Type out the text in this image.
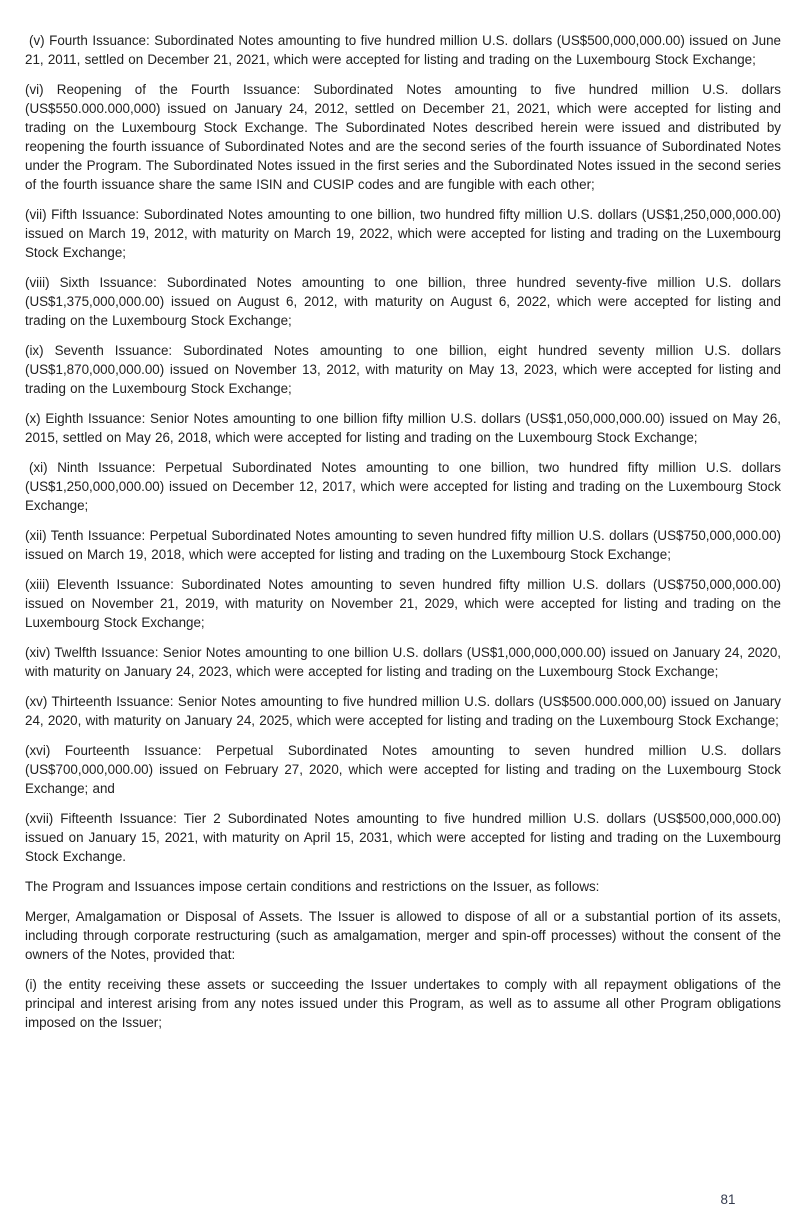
(v) Fourth Issuance: Subordinated Notes amounting to five hundred million U.S. dollars (US$500,000,000.00) issued on June 21, 2011, settled on December 21, 2021, which were accepted for listing and trading on the Luxembourg Stock Exchange;

(vi) Reopening of the Fourth Issuance: Subordinated Notes amounting to five hundred million U.S. dollars (US$550.000.000,000) issued on January 24, 2012, settled on December 21, 2021, which were accepted for listing and trading on the Luxembourg Stock Exchange. The Subordinated Notes described herein were issued and distributed by reopening the fourth issuance of Subordinated Notes and are the second series of the fourth issuance of Subordinated Notes under the Program. The Subordinated Notes issued in the first series and the Subordinated Notes issued in the second series of the fourth issuance share the same ISIN and CUSIP codes and are fungible with each other;

(vii) Fifth Issuance: Subordinated Notes amounting to one billion, two hundred fifty million U.S. dollars (US$1,250,000,000.00) issued on March 19, 2012, with maturity on March 19, 2022, which were accepted for listing and trading on the Luxembourg Stock Exchange;

(viii) Sixth Issuance: Subordinated Notes amounting to one billion, three hundred seventy-five million U.S. dollars (US$1,375,000,000.00) issued on August 6, 2012, with maturity on August 6, 2022, which were accepted for listing and trading on the Luxembourg Stock Exchange;

(ix) Seventh Issuance: Subordinated Notes amounting to one billion, eight hundred seventy million U.S. dollars (US$1,870,000,000.00) issued on November 13, 2012, with maturity on May 13, 2023, which were accepted for listing and trading on the Luxembourg Stock Exchange;

(x) Eighth Issuance: Senior Notes amounting to one billion fifty million U.S. dollars (US$1,050,000,000.00) issued on May 26, 2015, settled on May 26, 2018, which were accepted for listing and trading on the Luxembourg Stock Exchange;

(xi) Ninth Issuance: Perpetual Subordinated Notes amounting to one billion, two hundred fifty million U.S. dollars (US$1,250,000,000.00) issued on December 12, 2017, which were accepted for listing and trading on the Luxembourg Stock Exchange;

(xii) Tenth Issuance: Perpetual Subordinated Notes amounting to seven hundred fifty million U.S. dollars (US$750,000,000.00) issued on March 19, 2018, which were accepted for listing and trading on the Luxembourg Stock Exchange;

(xiii) Eleventh Issuance: Subordinated Notes amounting to seven hundred fifty million U.S. dollars (US$750,000,000.00) issued on November 21, 2019, with maturity on November 21, 2029, which were accepted for listing and trading on the Luxembourg Stock Exchange;

(xiv) Twelfth Issuance: Senior Notes amounting to one billion U.S. dollars (US$1,000,000,000.00) issued on January 24, 2020, with maturity on January 24, 2023, which were accepted for listing and trading on the Luxembourg Stock Exchange;

(xv) Thirteenth Issuance: Senior Notes amounting to five hundred million U.S. dollars (US$500.000.000,00) issued on January 24, 2020, with maturity on January 24, 2025, which were accepted for listing and trading on the Luxembourg Stock Exchange;

(xvi) Fourteenth Issuance: Perpetual Subordinated Notes amounting to seven hundred million U.S. dollars (US$700,000,000.00) issued on February 27, 2020, which were accepted for listing and trading on the Luxembourg Stock Exchange; and

(xvii) Fifteenth Issuance: Tier 2 Subordinated Notes amounting to five hundred million U.S. dollars (US$500,000,000.00) issued on January 15, 2021, with maturity on April 15, 2031, which were accepted for listing and trading on the Luxembourg Stock Exchange.

The Program and Issuances impose certain conditions and restrictions on the Issuer, as follows:

Merger, Amalgamation or Disposal of Assets. The Issuer is allowed to dispose of all or a substantial portion of its assets, including through corporate restructuring (such as amalgamation, merger and spin-off processes) without the consent of the owners of the Notes, provided that:

(i) the entity receiving these assets or succeeding the Issuer undertakes to comply with all repayment obligations of the principal and interest arising from any notes issued under this Program, as well as to assume all other Program obligations imposed on the Issuer;

81
